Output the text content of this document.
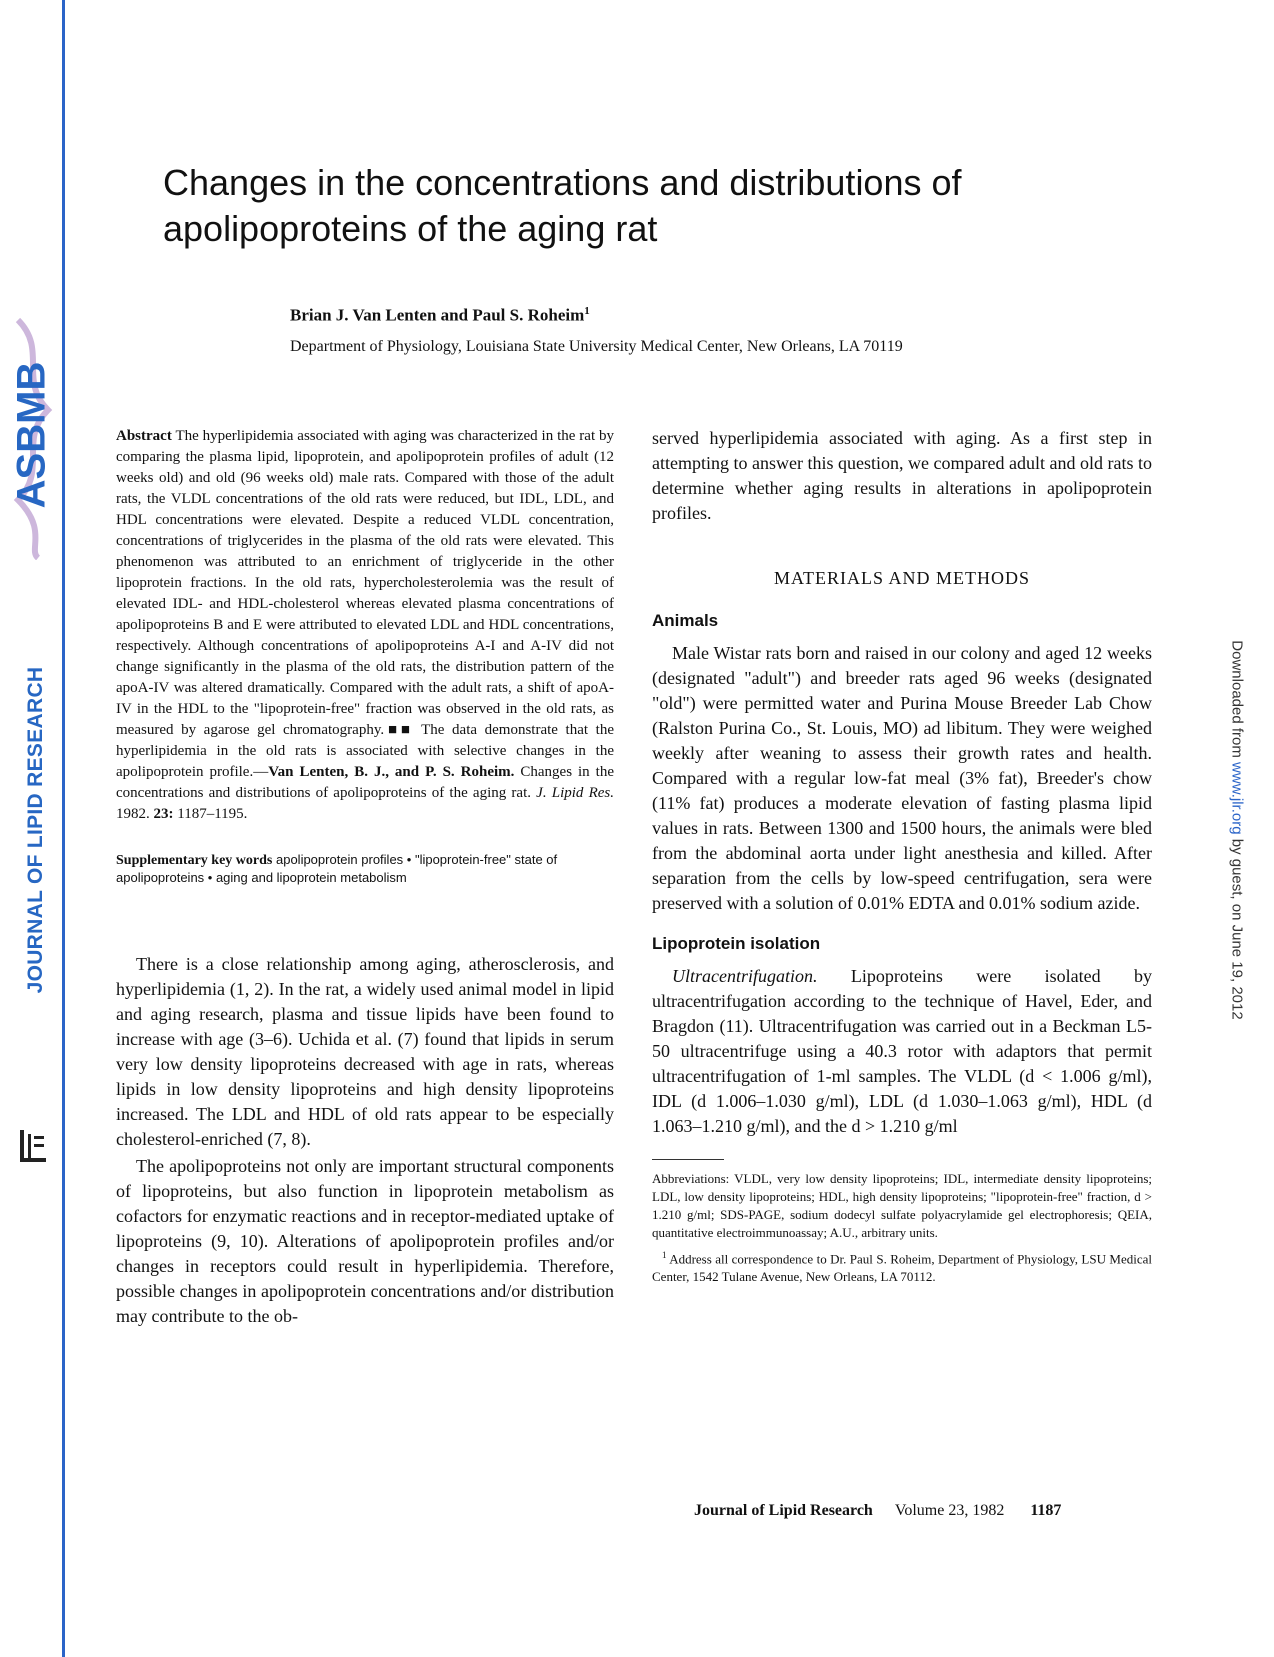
ASBMB
JOURNAL OF LIPID RESEARCH
JLR
Downloaded from www.jlr.org by guest, on June 19, 2012
Changes in the concentrations and distributions of apolipoproteins of the aging rat
Brian J. Van Lenten and Paul S. Roheim$^1$
Department of Physiology, Louisiana State University Medical Center, New Orleans, LA 70119
Abstract The hyperlipidemia associated with aging was characterized in the rat by comparing the plasma lipid, lipoprotein, and apolipoprotein profiles of adult (12 weeks old) and old (96 weeks old) male rats. Compared with those of the adult rats, the VLDL concentrations of the old rats were reduced, but IDL, LDL, and HDL concentrations were elevated. Despite a reduced VLDL concentration, concentrations of triglycerides in the plasma of the old rats were elevated. This phenomenon was attributed to an enrichment of triglyceride in the other lipoprotein fractions. In the old rats, hypercholesterolemia was the result of elevated IDL- and HDL-cholesterol whereas elevated plasma concentrations of apolipoproteins B and E were attributed to elevated LDL and HDL concentrations, respectively. Although concentrations of apolipoproteins A-I and A-IV did not change significantly in the plasma of the old rats, the distribution pattern of the apoA-IV was altered dramatically. Compared with the adult rats, a shift of apoA-IV in the HDL to the "lipoprotein-free" fraction was observed in the old rats, as measured by agarose gel chromatography.■■ The data demonstrate that the hyperlipidemia in the old rats is associated with selective changes in the apolipoprotein profile.—Van Lenten, B. J., and P. S. Roheim. Changes in the concentrations and distributions of apolipoproteins of the aging rat. J. Lipid Res. 1982. 23: 1187–1195.
Supplementary key words apolipoprotein profiles • "lipoprotein-free" state of apolipoproteins • aging and lipoprotein metabolism

There is a close relationship among aging, atherosclerosis, and hyperlipidemia (1, 2). In the rat, a widely used animal model in lipid and aging research, plasma and tissue lipids have been found to increase with age (3–6). Uchida et al. (7) found that lipids in serum very low density lipoproteins decreased with age in rats, whereas lipids in low density lipoproteins and high density lipoproteins increased. The LDL and HDL of old rats appear to be especially cholesterol-enriched (7, 8).

The apolipoproteins not only are important structural components of lipoproteins, but also function in lipoprotein metabolism as cofactors for enzymatic reactions and in receptor-mediated uptake of lipoproteins (9, 10). Alterations of apolipoprotein profiles and/or changes in receptors could result in hyperlipidemia. Therefore, possible changes in apolipoprotein concentrations and/or distribution may contribute to the ob-

served hyperlipidemia associated with aging. As a first step in attempting to answer this question, we compared adult and old rats to determine whether aging results in alterations in apolipoprotein profiles.

MATERIALS AND METHODS
Animals

Male Wistar rats born and raised in our colony and aged 12 weeks (designated "adult") and breeder rats aged 96 weeks (designated "old") were permitted water and Purina Mouse Breeder Lab Chow (Ralston Purina Co., St. Louis, MO) ad libitum. They were weighed weekly after weaning to assess their growth rates and health. Compared with a regular low-fat meal (3% fat), Breeder's chow (11% fat) produces a moderate elevation of fasting plasma lipid values in rats. Between 1300 and 1500 hours, the animals were bled from the abdominal aorta under light anesthesia and killed. After separation from the cells by low-speed centrifugation, sera were preserved with a solution of 0.01% EDTA and 0.01% sodium azide.

Lipoprotein isolation

Ultracentrifugation. Lipoproteins were isolated by ultracentrifugation according to the technique of Havel, Eder, and Bragdon (11). Ultracentrifugation was carried out in a Beckman L5-50 ultracentrifuge using a 40.3 rotor with adaptors that permit ultracentrifugation of 1-ml samples. The VLDL (d < 1.006 g/ml), IDL (d 1.006–1.030 g/ml), LDL (d 1.030–1.063 g/ml), HDL (d 1.063–1.210 g/ml), and the d > 1.210 g/ml

Abbreviations: VLDL, very low density lipoproteins; IDL, intermediate density lipoproteins; LDL, low density lipoproteins; HDL, high density lipoproteins; "lipoprotein-free" fraction, d > 1.210 g/ml; SDS-PAGE, sodium dodecyl sulfate polyacrylamide gel electrophoresis; QEIA, quantitative electroimmunoassay; A.U., arbitrary units.

$^1$ Address all correspondence to Dr. Paul S. Roheim, Department of Physiology, LSU Medical Center, 1542 Tulane Avenue, New Orleans, LA 70112.

Journal of Lipid Research Volume 23, 1982 1187
